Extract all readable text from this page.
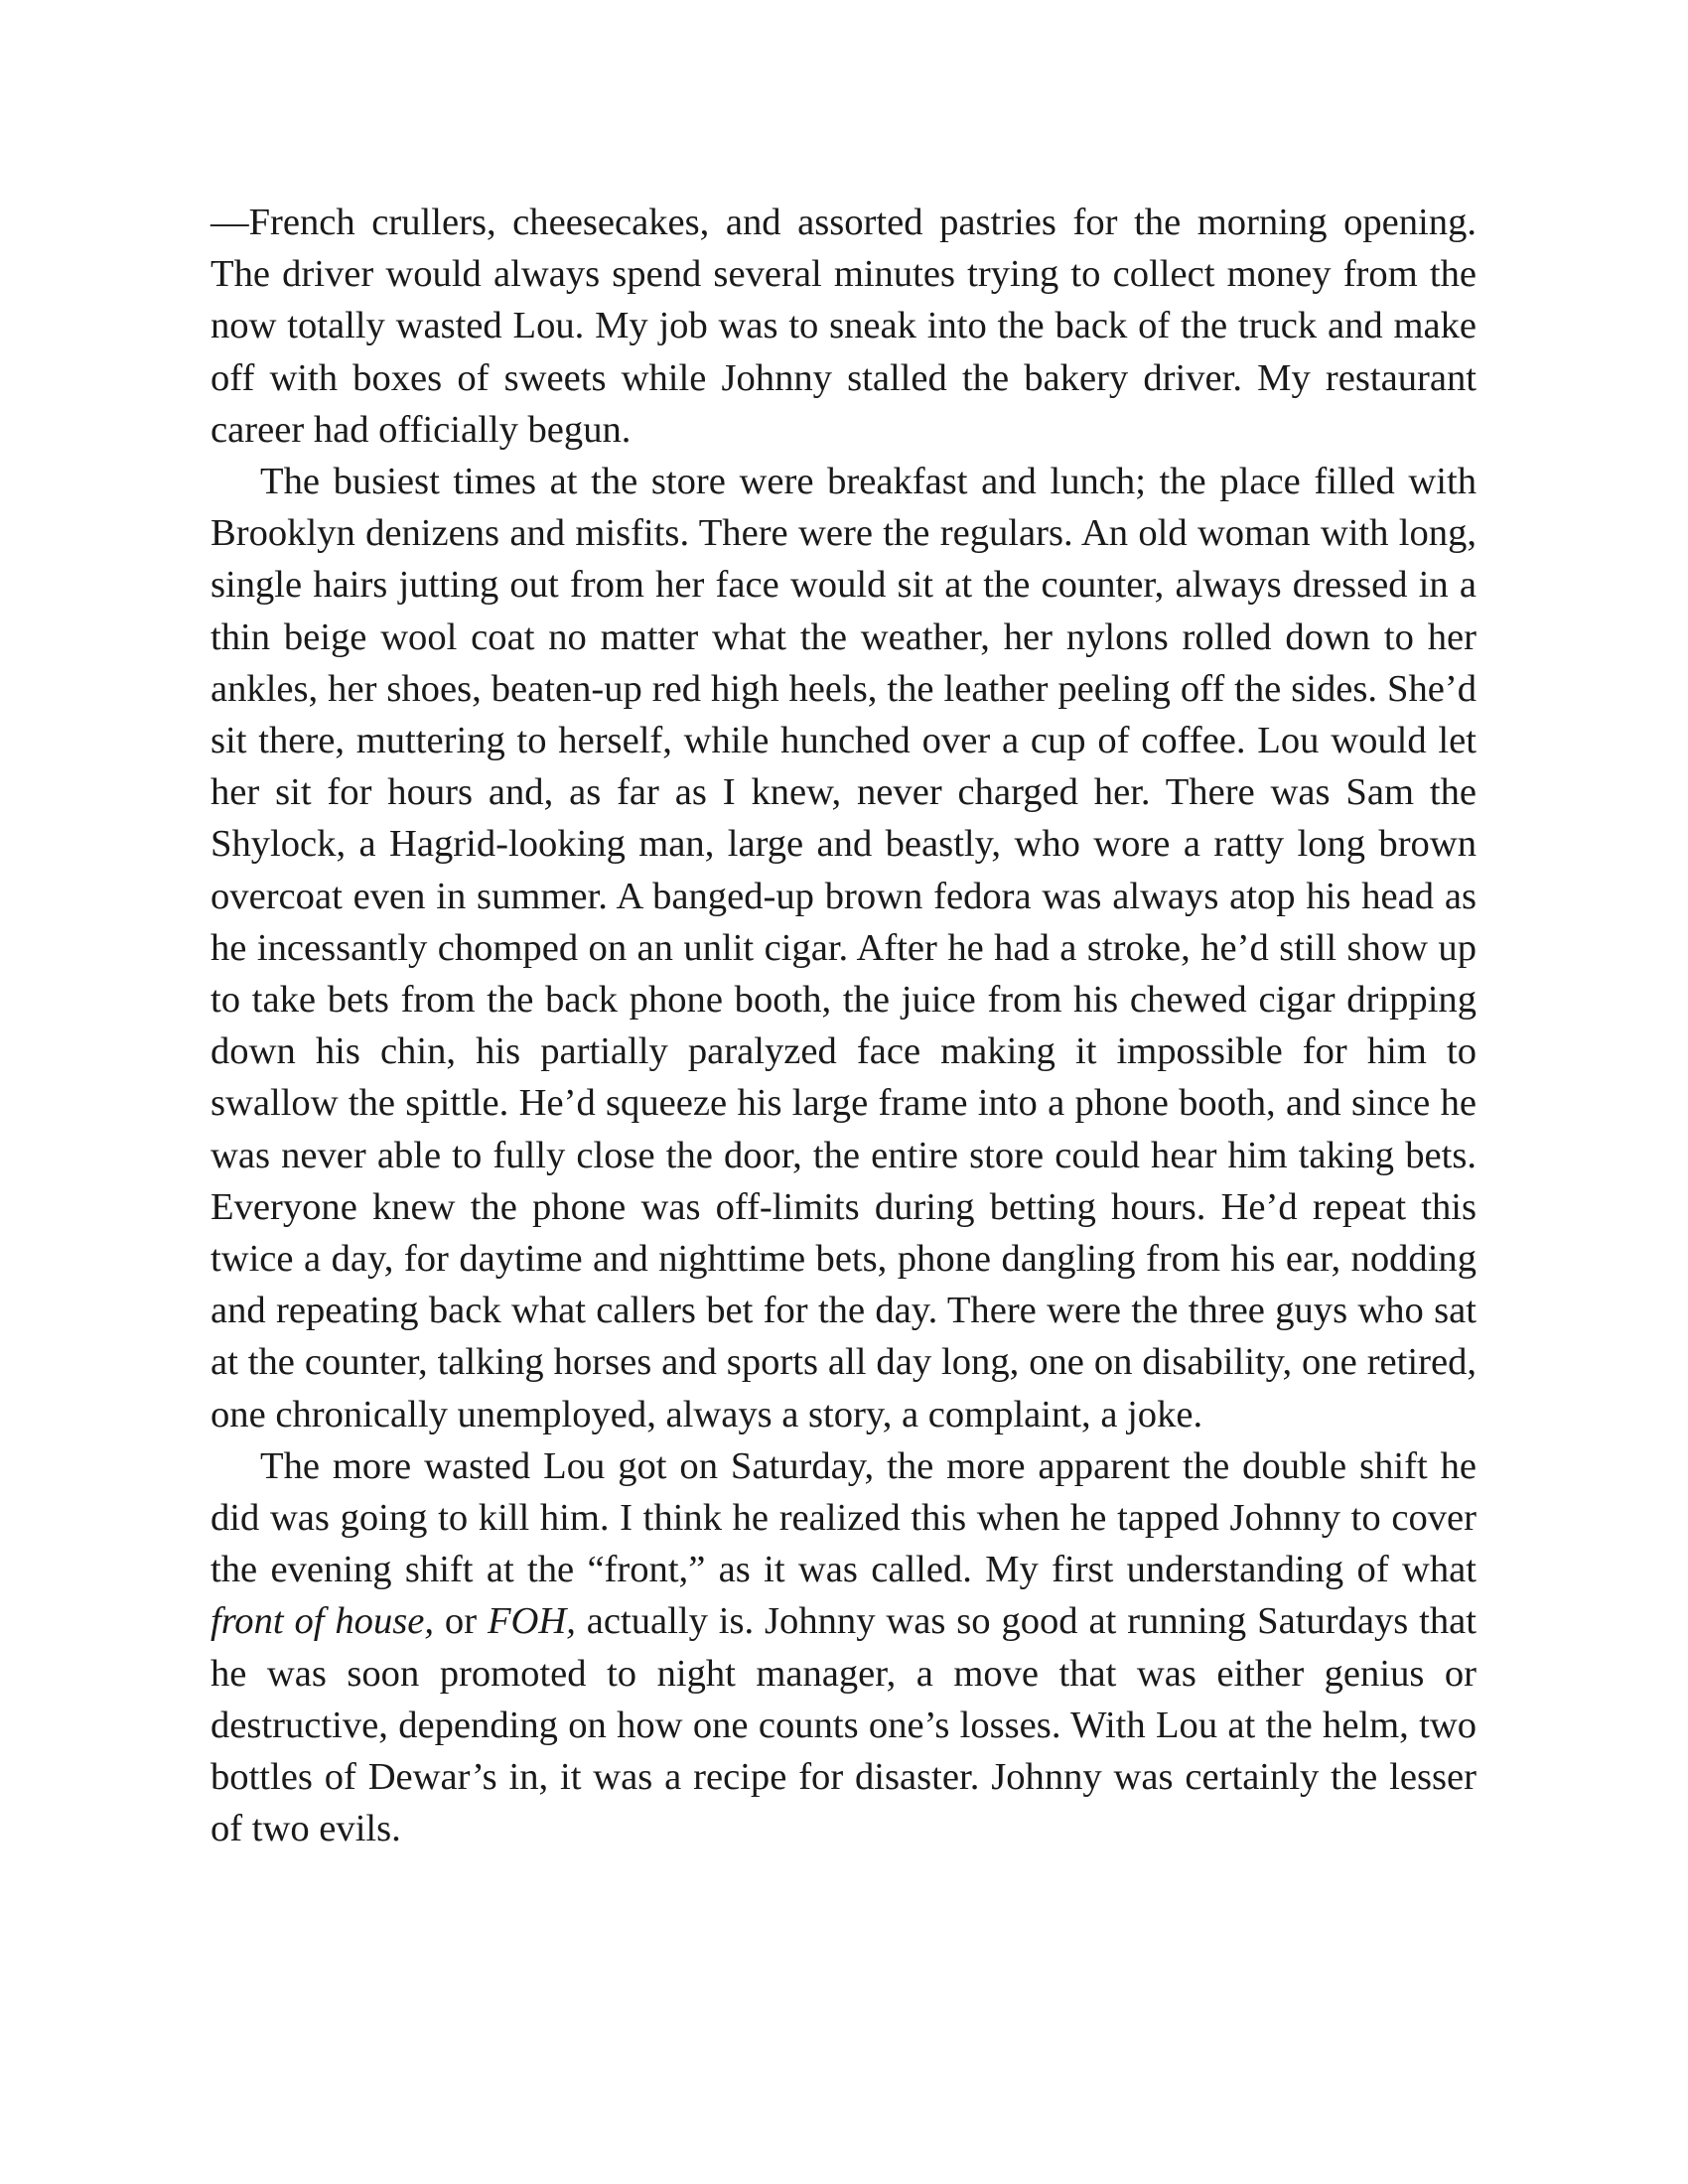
—French crullers, cheesecakes, and assorted pastries for the morning opening. The driver would always spend several minutes trying to collect money from the now totally wasted Lou. My job was to sneak into the back of the truck and make off with boxes of sweets while Johnny stalled the bakery driver. My restaurant career had officially begun.

The busiest times at the store were breakfast and lunch; the place filled with Brooklyn denizens and misfits. There were the regulars. An old woman with long, single hairs jutting out from her face would sit at the counter, always dressed in a thin beige wool coat no matter what the weather, her nylons rolled down to her ankles, her shoes, beaten-up red high heels, the leather peeling off the sides. She’d sit there, muttering to herself, while hunched over a cup of coffee. Lou would let her sit for hours and, as far as I knew, never charged her. There was Sam the Shylock, a Hagrid-looking man, large and beastly, who wore a ratty long brown overcoat even in summer. A banged-up brown fedora was always atop his head as he incessantly chomped on an unlit cigar. After he had a stroke, he’d still show up to take bets from the back phone booth, the juice from his chewed cigar dripping down his chin, his partially paralyzed face making it impossible for him to swallow the spittle. He’d squeeze his large frame into a phone booth, and since he was never able to fully close the door, the entire store could hear him taking bets. Everyone knew the phone was off-limits during betting hours. He’d repeat this twice a day, for daytime and nighttime bets, phone dangling from his ear, nodding and repeating back what callers bet for the day. There were the three guys who sat at the counter, talking horses and sports all day long, one on disability, one retired, one chronically unemployed, always a story, a complaint, a joke.

The more wasted Lou got on Saturday, the more apparent the double shift he did was going to kill him. I think he realized this when he tapped Johnny to cover the evening shift at the “front,” as it was called. My first understanding of what front of house, or FOH, actually is. Johnny was so good at running Saturdays that he was soon promoted to night manager, a move that was either genius or destructive, depending on how one counts one’s losses. With Lou at the helm, two bottles of Dewar’s in, it was a recipe for disaster. Johnny was certainly the lesser of two evils.
